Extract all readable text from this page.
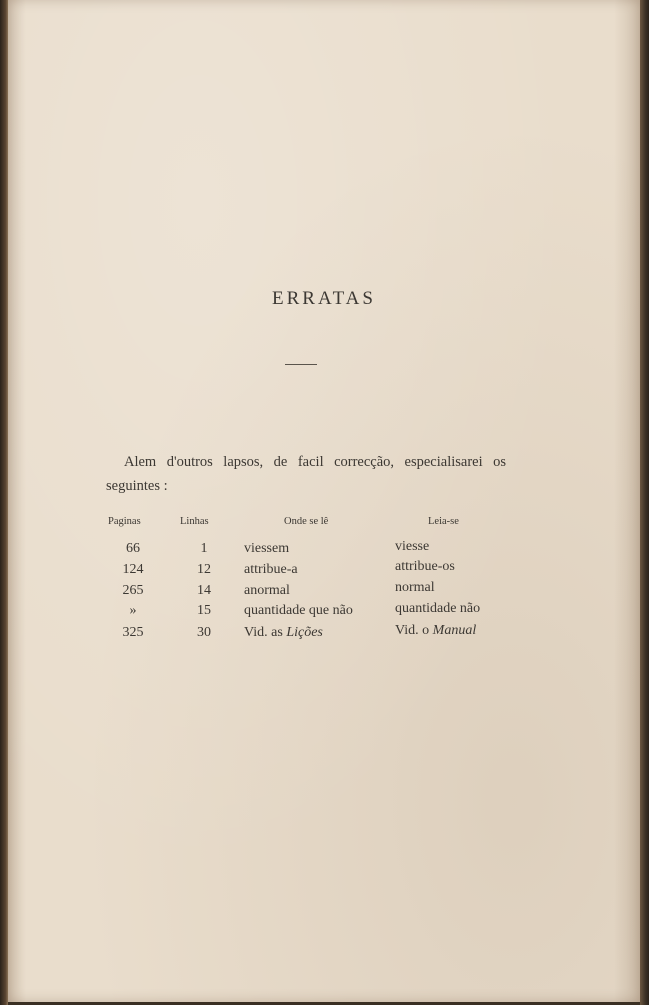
ERRATAS
Alem d'outros lapsos, de facil correcção, especialisarei os seguintes :
Paginas	Linhas	Onde se lê	Leia-se
66	1	viessem	viesse
124	12	attribue-a	attribue-os
265	14	anormal	normal
»	15	quantidade que não	quantidade não
325	30	Vid. as Lições	Vid. o Manual
